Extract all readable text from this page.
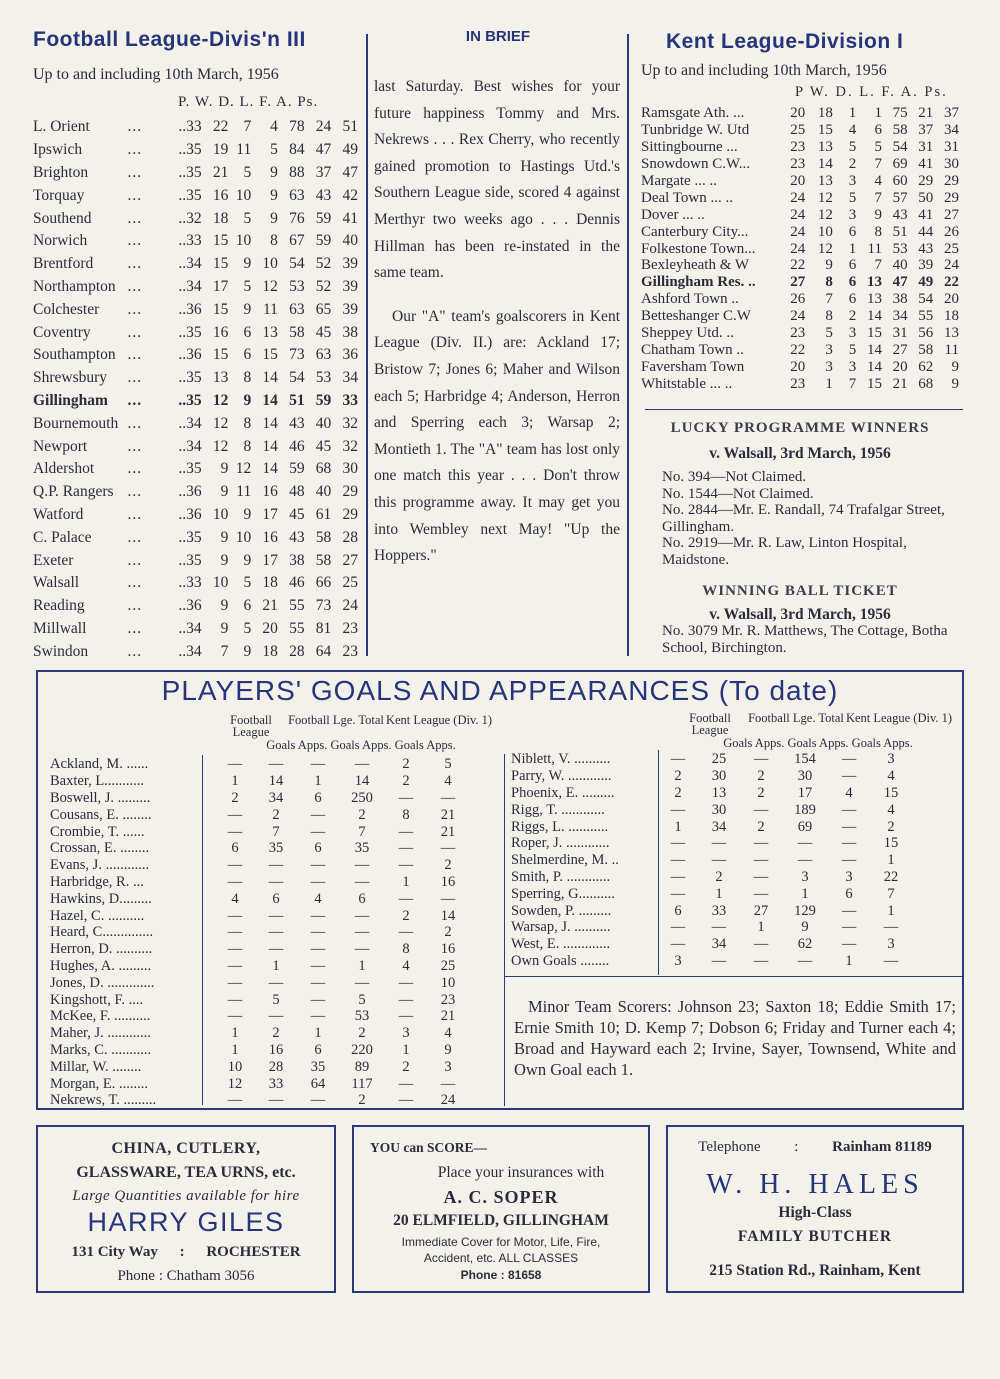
Football League-Divis'n III
Up to and including 10th March, 1956
P. W. D. L. F. A. Ps.
L. Orient	...	..33	22	7	4	78	24	51
Ipswich	...	..35	19	11	5	84	47	49
Brighton	...	..35	21	5	9	88	37	47
Torquay	...	..35	16	10	9	63	43	42
Southend	...	..32	18	5	9	76	59	41
Norwich	...	..33	15	10	8	67	59	40
Brentford	...	..34	15	9	10	54	52	39
Northampton	...	..34	17	5	12	53	52	39
Colchester	...	..36	15	9	11	63	65	39
Coventry	...	..35	16	6	13	58	45	38
Southampton	...	..36	15	6	15	73	63	36
Shrewsbury	...	..35	13	8	14	54	53	34
Gillingham	...	..35	12	9	14	51	59	33
Bournemouth	...	..34	12	8	14	43	40	32
Newport	...	..34	12	8	14	46	45	32
Aldershot	...	..35	9	12	14	59	68	30
Q.P. Rangers	...	..36	9	11	16	48	40	29
Watford	...	..36	10	9	17	45	61	29
C. Palace	...	..35	9	10	16	43	58	28
Exeter	...	..35	9	9	17	38	58	27
Walsall	...	..33	10	5	18	46	66	25
Reading	...	..36	9	6	21	55	73	24
Millwall	...	..34	9	5	20	55	81	23
Swindon	...	..34	7	9	18	28	64	23
IN BRIEF

last Saturday. Best wishes for your future happiness Tommy and Mrs. Nekrews . . . Rex Cherry, who recently gained promotion to Hastings Utd.'s Southern League side, scored 4 against Merthyr two weeks ago . . . Dennis Hillman has been re-instated in the same team.

Our "A" team's goalscorers in Kent League (Div. II.) are: Ackland 17; Bristow 7; Jones 6; Maher and Wilson each 5; Harbridge 4; Anderson, Herron and Sperring each 3; Warsap 2; Montieth 1. The "A" team has lost only one match this year . . . Don't throw this programme away. It may get you into Wembley next May! "Up the Hoppers."

Kent League-Division I
Up to and including 10th March, 1956
P W. D. L. F. A. Ps.
Ramsgate Ath. ...	20	18	1	1	75	21	37
Tunbridge W. Utd	25	15	4	6	58	37	34
Sittingbourne ...	23	13	5	5	54	31	31
Snowdown C.W...	23	14	2	7	69	41	30
Margate ... ..	20	13	3	4	60	29	29
Deal Town ... ..	24	12	5	7	57	50	29
Dover ... ..	24	12	3	9	43	41	27
Canterbury City...	24	10	6	8	51	44	26
Folkestone Town...	24	12	1	11	53	43	25
Bexleyheath & W	22	9	6	7	40	39	24
Gillingham Res. ..	27	8	6	13	47	49	22
Ashford Town ..	26	7	6	13	38	54	20
Betteshanger C.W	24	8	2	14	34	55	18
Sheppey Utd. ..	23	5	3	15	31	56	13
Chatham Town ..	22	3	5	14	27	58	11
Faversham Town	20	3	3	14	20	62	9
Whitstable ... ..	23	1	7	15	21	68	9
LUCKY PROGRAMME WINNERS
v. Walsall, 3rd March, 1956
No. 394—Not Claimed.
No. 1544—Not Claimed.
No. 2844—Mr. E. Randall, 74 Trafalgar Street, Gillingham.
No. 2919—Mr. R. Law, Linton Hospital, Maidstone.
WINNING BALL TICKET
v. Walsall, 3rd March, 1956
No. 3079 Mr. R. Matthews, The Cottage, Botha School, Birchington.
PLAYERS' GOALS AND APPEARANCES (To date)
Football League
Football Lge. Total Kent League (Div. 1)
Goals Apps. Goals Apps. Goals Apps.
Ackland, M. ......	—	—	—	—	2	5
Baxter, L...........	1	14	1	14	2	4
Boswell, J. .........	2	34	6	250	—	—
Cousans, E. ........	—	2	—	2	8	21
Crombie, T. ......	—	7	—	7	—	21
Crossan, E. ........	6	35	6	35	—	—
Evans, J. ............	—	—	—	—	—	2
Harbridge, R. ...	—	—	—	—	1	16
Hawkins, D.........	4	6	4	6	—	—
Hazel, C. ..........	—	—	—	—	2	14
Heard, C..............	—	—	—	—	—	2
Herron, D. ..........	—	—	—	—	8	16
Hughes, A. .........	—	1	—	1	4	25
Jones, D. .............	—	—	—	—	—	10
Kingshott, F. ....	—	5	—	5	—	23
McKee, F. ..........	—	—	—	53	—	21
Maher, J. ............	1	2	1	2	3	4
Marks, C. ...........	1	16	6	220	1	9
Millar, W. ........	10	28	35	89	2	3
Morgan, E. ........	12	33	64	117	—	—
Nekrews, T. .........	—	—	—	2	—	24
Football League
Football Lge. Total Kent League (Div. 1)
Goals Apps. Goals Apps. Goals Apps.
Niblett, V. ..........	—	25	—	154	—	3
Parry, W. ............	2	30	2	30	—	4
Phoenix, E. .........	2	13	2	17	4	15
Rigg, T. ............	—	30	—	189	—	4
Riggs, L. ...........	1	34	2	69	—	2
Roper, J. ............	—	—	—	—	—	15
Shelmerdine, M. ..	—	—	—	—	—	1
Smith, P. ............	—	2	—	3	3	22
Sperring, G..........	—	1	—	1	6	7
Sowden, P. .........	6	33	27	129	—	1
Warsap, J. ..........	—	—	1	9	—	—
West, E. .............	—	34	—	62	—	3
Own Goals ........	3	—	—	—	1	—
Minor Team Scorers: Johnson 23; Saxton 18; Eddie Smith 17; Ernie Smith 10; D. Kemp 7; Dobson 6; Friday and Turner each 4; Broad and Hayward each 2; Irvine, Sayer, Townsend, White and Own Goal each 1.
CHINA, CUTLERY,
GLASSWARE, TEA URNS, etc.
Large Quantities available for hire
HARRY GILES
131 City Way : ROCHESTER
Phone : Chatham 3056
YOU can SCORE—
Place your insurances with
A. C. SOPER
20 ELMFIELD, GILLINGHAM
Immediate Cover for Motor, Life, Fire,
Accident, etc. ALL CLASSES
Phone : 81658
Telephone : Rainham 81189
W. H. HALES
High-Class
FAMILY BUTCHER
215 Station Rd., Rainham, Kent
